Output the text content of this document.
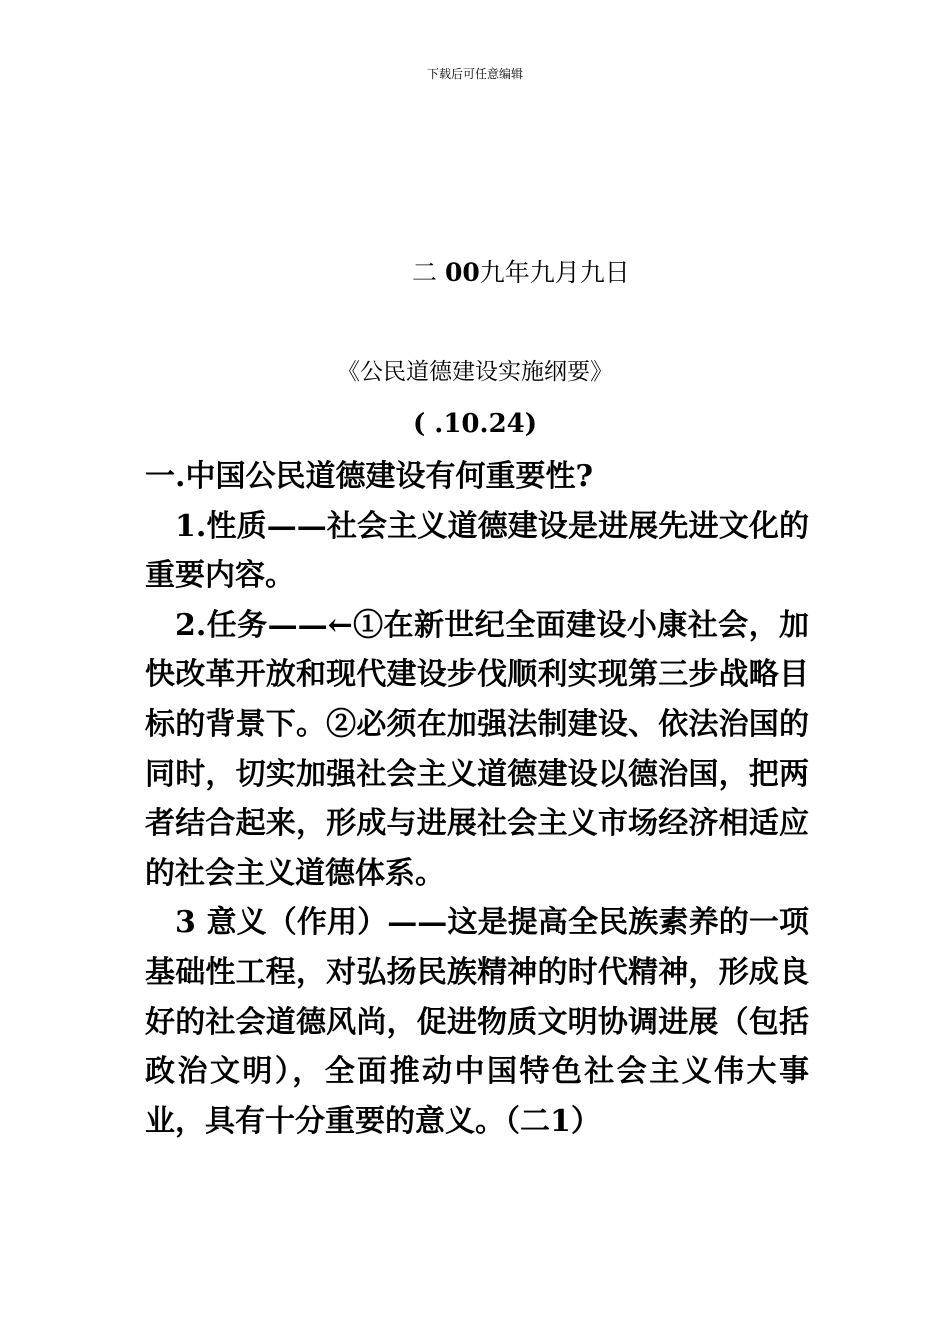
下载后可任意编辑
二 00九年九月九日
《公民道德建设实施纲要》
( .10.24)

一.中国公民道德建设有何重要性?

1.性质——社会主义道德建设是进展先进文化的重要内容。

2.任务——←①在新世纪全面建设小康社会，加快改革开放和现代建设步伐顺利实现第三步战略目标的背景下。②必须在加强法制建设、依法治国的同时，切实加强社会主义道德建设以德治国，把两者结合起来，形成与进展社会主义市场经济相适应的社会主义道德体系。

3 意义（作用）——这是提高全民族素养的一项基础性工程，对弘扬民族精神的时代精神，形成良好的社会道德风尚，促进物质文明协调进展（包括政治文明），全面推动中国特色社会主义伟大事业，具有十分重要的意义。（二1）
